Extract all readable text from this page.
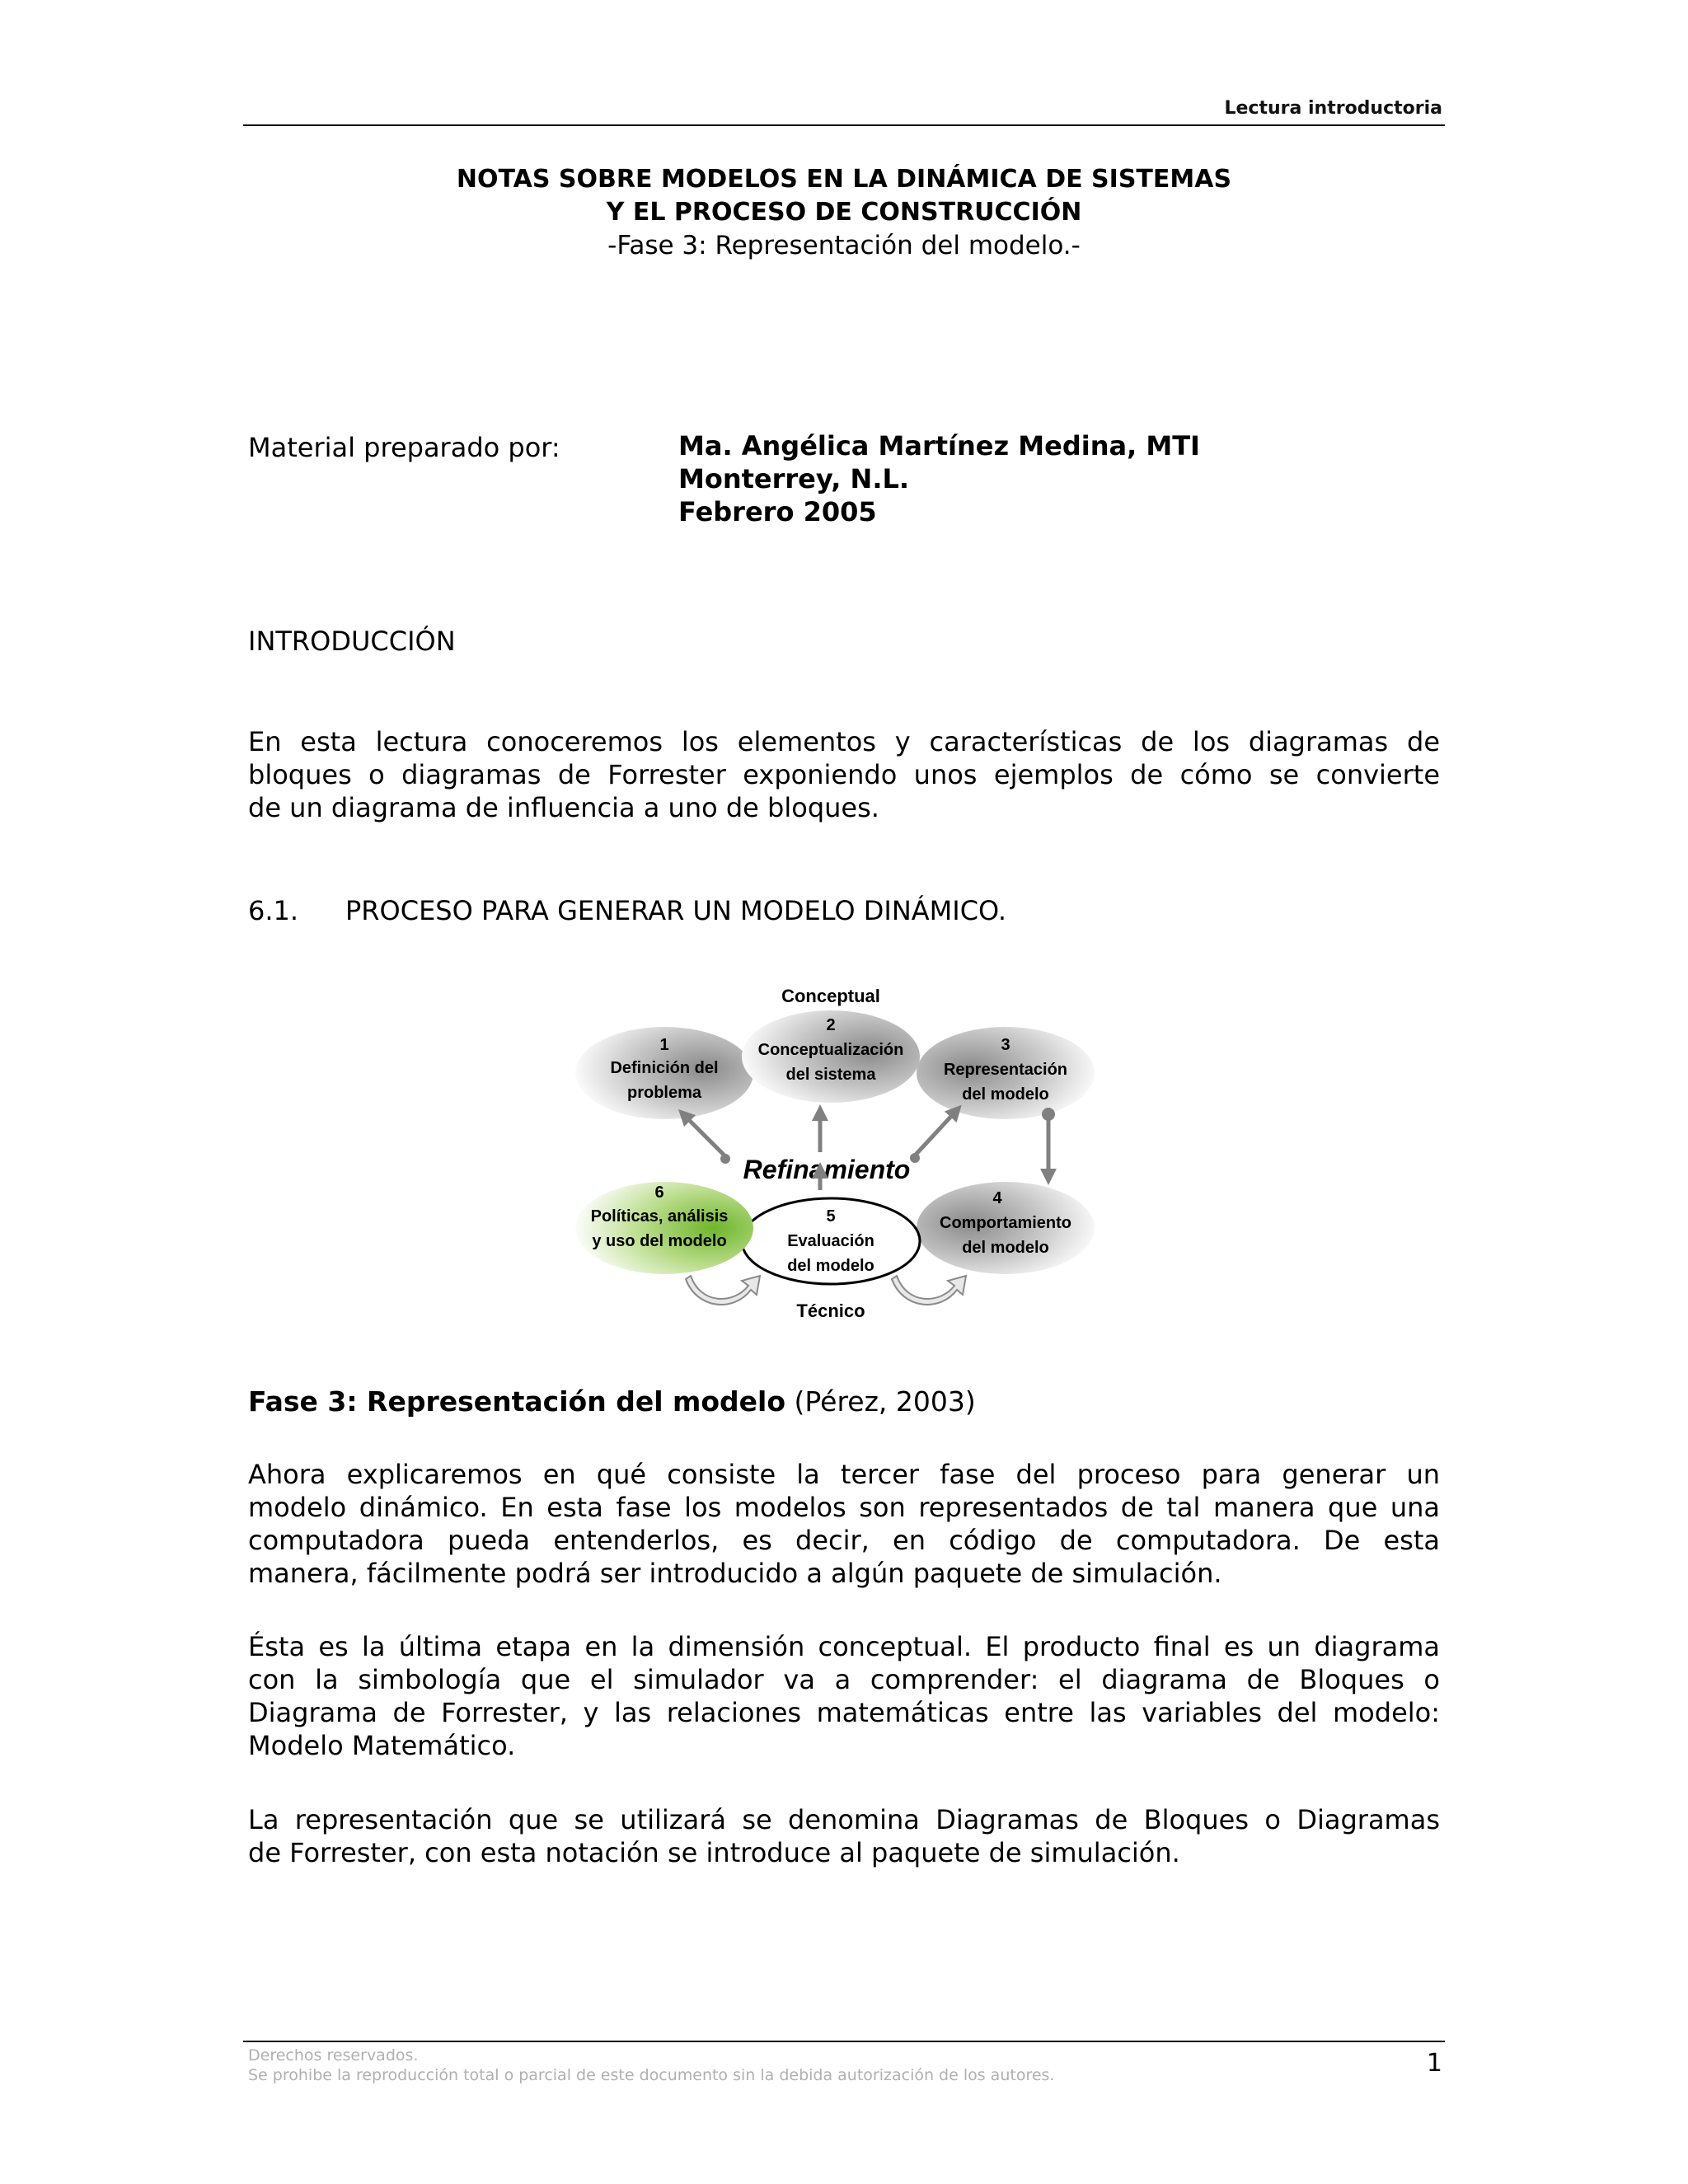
Lectura introductoria
NOTAS SOBRE MODELOS EN LA DINÁMICA DE SISTEMAS
Y EL PROCESO DE CONSTRUCCIÓN
-Fase 3: Representación del modelo.-
Material preparado por:	Ma. Angélica Martínez Medina, MTI
Monterrey, N.L.
Febrero 2005
INTRODUCCIÓN
En esta lectura conoceremos los elementos y características de los diagramas de
bloques o diagramas de Forrester exponiendo unos ejemplos de cómo se convierte
de un diagrama de influencia a uno de bloques.
6.1. PROCESO PARA GENERAR UN MODELO DINÁMICO.
Conceptual
1
Definición del
problema
2
Conceptualización
del sistema
3
Representación
del modelo
4
Comportamiento
del modelo
6
Políticas, análisis
y uso del modelo
5
Evaluación
del modelo
Refinamiento
Técnico
Fase 3: Representación del modelo (Pérez, 2003)
Ahora explicaremos en qué consiste la tercer fase del proceso para generar un
modelo dinámico. En esta fase los modelos son representados de tal manera que una
computadora pueda entenderlos, es decir, en código de computadora. De esta
manera, fácilmente podrá ser introducido a algún paquete de simulación.
Ésta es la última etapa en la dimensión conceptual. El producto final es un diagrama
con la simbología que el simulador va a comprender: el diagrama de Bloques o
Diagrama de Forrester, y las relaciones matemáticas entre las variables del modelo:
Modelo Matemático.
La representación que se utilizará se denomina Diagramas de Bloques o Diagramas
de Forrester, con esta notación se introduce al paquete de simulación.
Derechos reservados.
Se prohibe la reproducción total o parcial de este documento sin la debida autorización de los autores.	1
